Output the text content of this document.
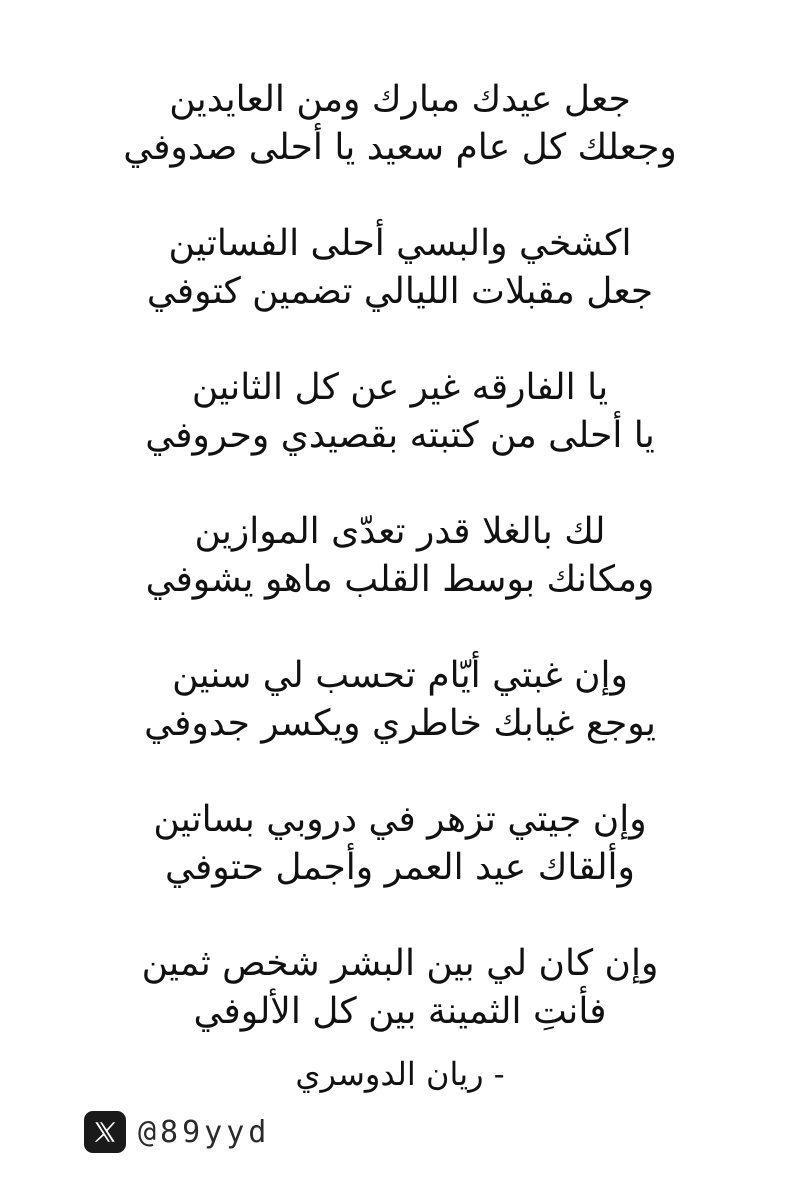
جعل عيدك مبارك ومن العايدين
وجعلك كل عام سعيد يا أحلى صدوفي
اكشخي والبسي أحلى الفساتين
جعل مقبلات الليالي تضمين كتوفي
يا الفارقه غير عن كل الثانين
يا أحلى من كتبته بقصيدي وحروفي
لك بالغلا قدر تعدّى الموازين
ومكانك بوسط القلب ماهو يشوفي
وإن غبتي أيّام تحسب لي سنين
يوجع غيابك خاطري ويكسر جدوفي
وإن جيتي تزهر في دروبي بساتين
وألقاك عيد العمر وأجمل حتوفي
وإن كان لي بين البشر شخص ثمين
فأنتِ الثمينة بين كل الألوفي
- ريان الدوسري
@89yyd
